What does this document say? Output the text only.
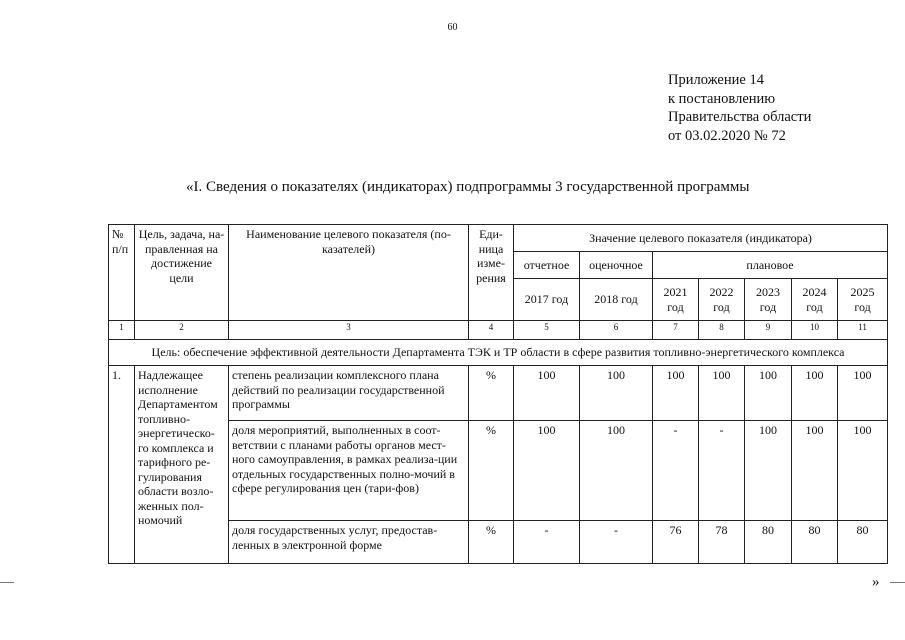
60
Приложение 14
к постановлению
Правительства области
от 03.02.2020 № 72
«I. Сведения о показателях (индикаторах) подпрограммы 3 государственной программы
№ п/п	Цель, задача, на-правленная на достижение цели	Наименование целевого показателя (по-казателей)	Еди-ница изме-рения	Значение целевого показателя (индикатора)						
				отчетное	оценочное	плановое				
				2017 год	2018 год	2021 год	2022 год	2023 год	2024 год	2025 год
1	2	3	4	5	6	7	8	9	10	11
Цель: обеспечение эффективной деятельности Департамента ТЭК и ТР области в сфере развития топливно-энергетического комплекса										
1.	Надлежащее исполнение Департаментом топливно-энергетическо-го комплекса и тарифного ре-гулирования области возло-женных пол-номочий	степень реализации комплексного плана действий по реализации государственной программы	%	100	100	100	100	100	100	100
		доля мероприятий, выполненных в соот-ветствии с планами работы органов мест-ного самоуправления, в рамках реализа-ции отдельных государственных полно-мочий в сфере регулирования цен (тари-фов)	%	100	100	-	-	100	100	100
		доля государственных услуг, предостав-ленных в электронной форме	%	-	-	76	78	80	80	80
»
